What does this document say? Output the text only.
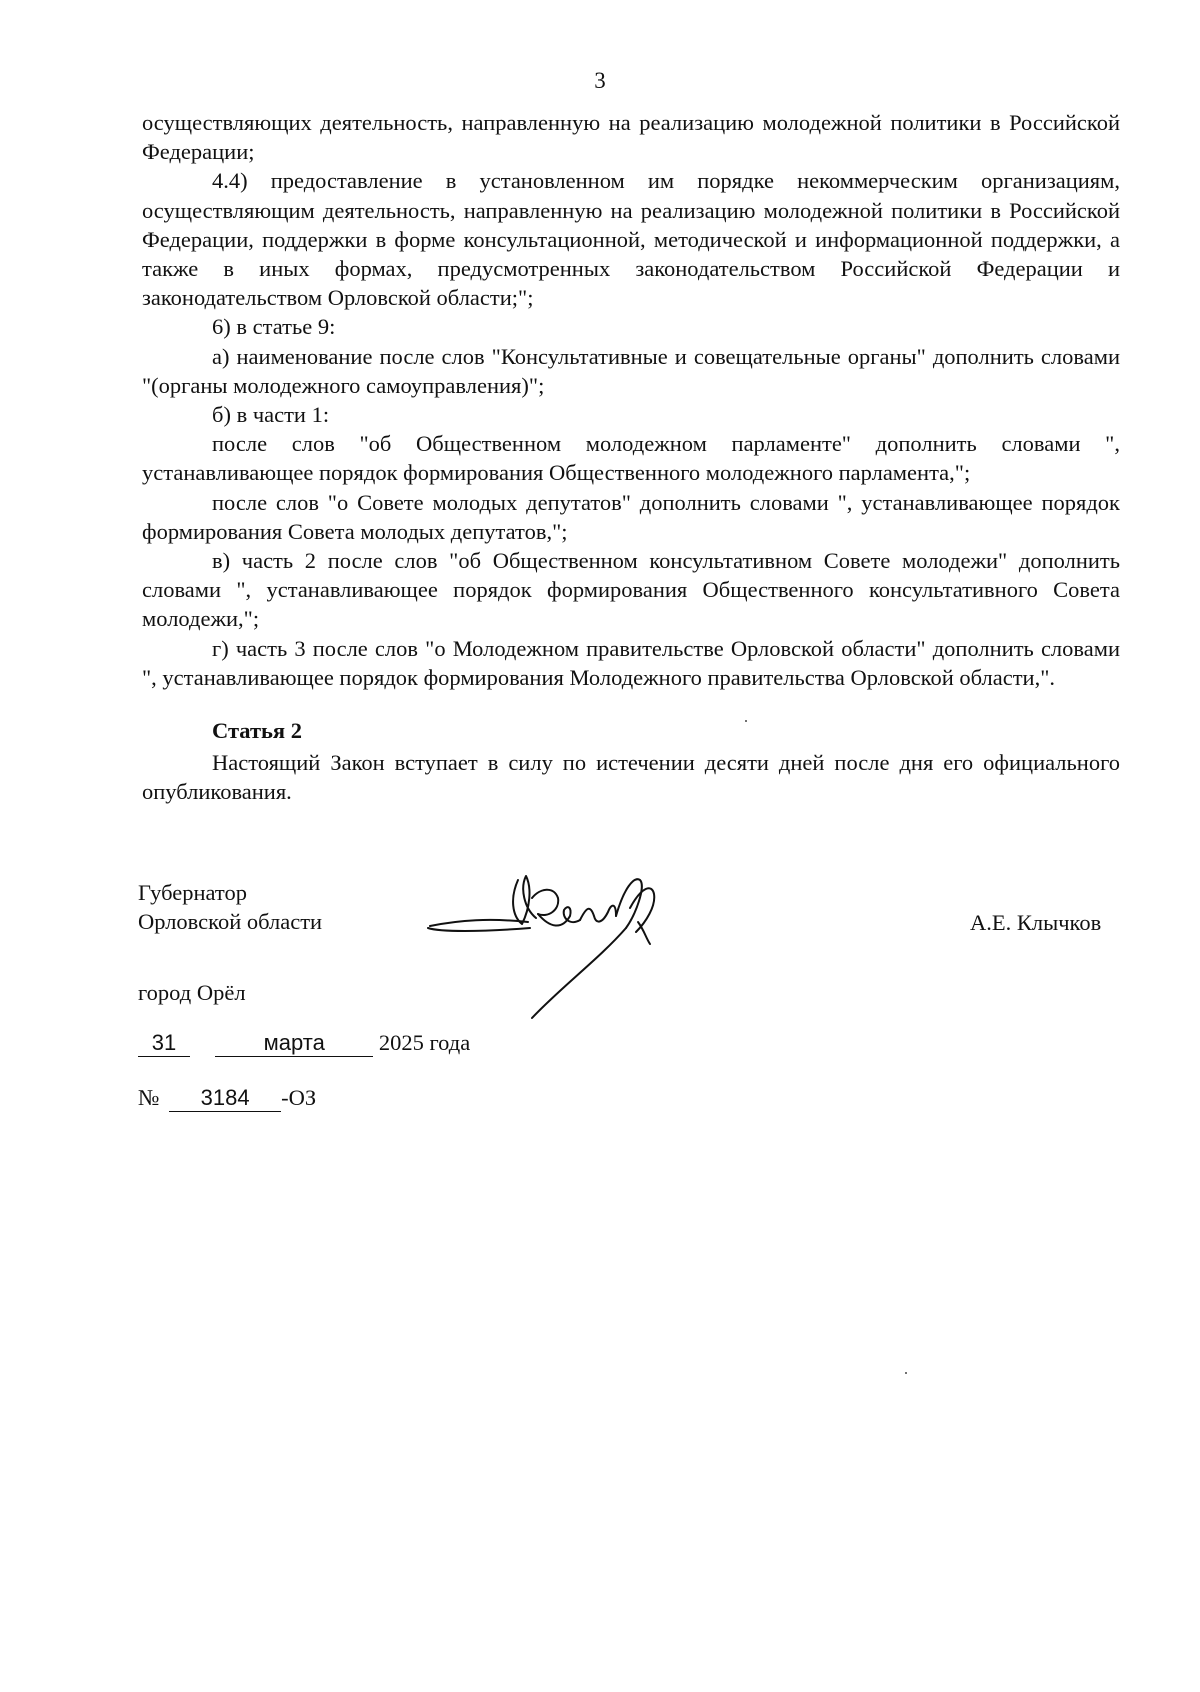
3

осуществляющих деятельность, направленную на реализацию молодежной политики в Российской Федерации;

4.4) предоставление в установленном им порядке некоммерческим организациям, осуществляющим деятельность, направленную на реализацию молодежной политики в Российской Федерации, поддержки в форме консультационной, методической и информационной поддержки, а также в иных формах, предусмотренных законодательством Российской Федерации и законодательством Орловской области;";

6) в статье 9:

а) наименование после слов "Консультативные и совещательные органы" дополнить словами "(органы молодежного самоуправления)";

б) в части 1:

после слов "об Общественном молодежном парламенте" дополнить словами ", устанавливающее порядок формирования Общественного молодежного парламента,";

после слов "о Совете молодых депутатов" дополнить словами ", устанавливающее порядок формирования Совета молодых депутатов,";

в) часть 2 после слов "об Общественном консультативном Совете молодежи" дополнить словами ", устанавливающее порядок формирования Общественного консультативного Совета молодежи,";

г) часть 3 после слов "о Молодежном правительстве Орловской области" дополнить словами ", устанавливающее порядок формирования Молодежного правительства Орловской области,".

Статья 2

Настоящий Закон вступает в силу по истечении десяти дней после дня его официального опубликования.

Губернатор
Орловской области	А.Е. Клычков
город Орёл
31	марта 2025 года
№ 3184 -ОЗ
